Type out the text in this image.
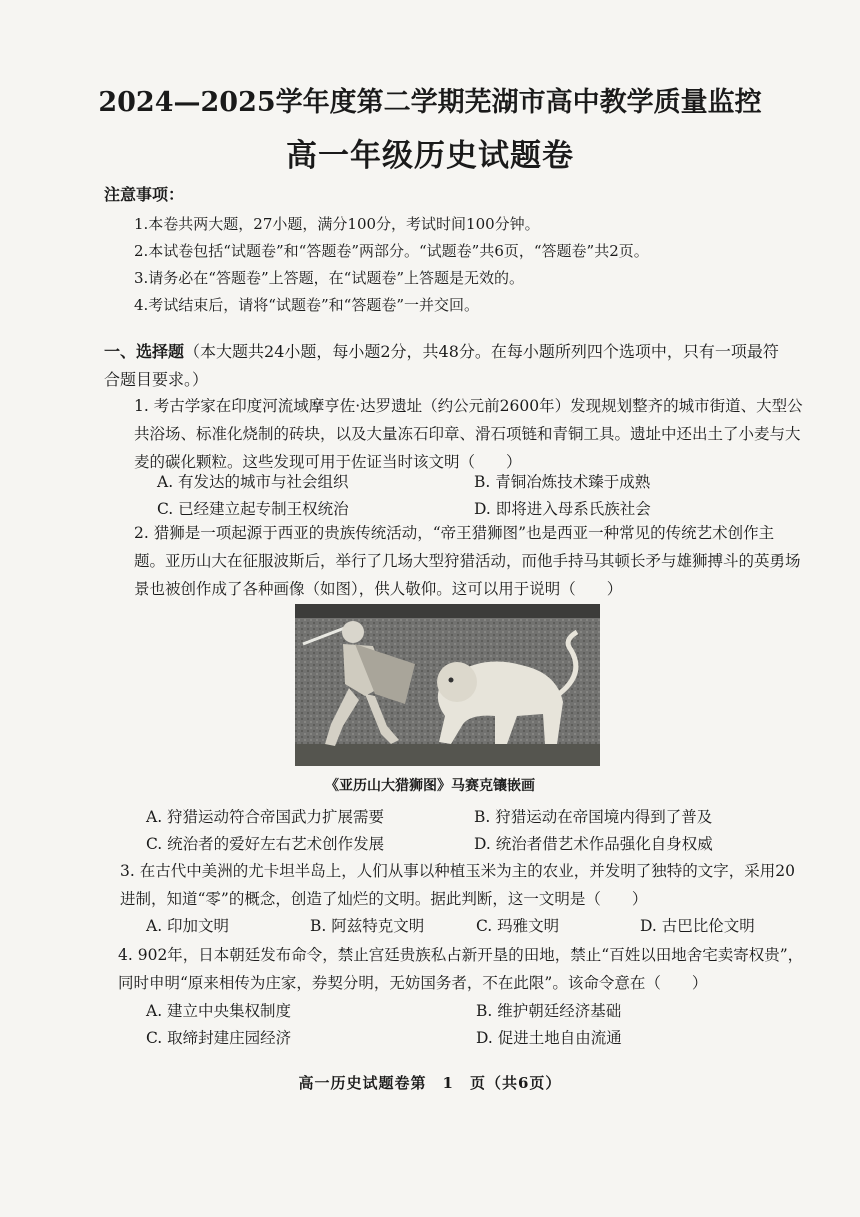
2024—2025学年度第二学期芜湖市高中教学质量监控
高一年级历史试题卷
注意事项：
1.本卷共两大题，27小题，满分100分，考试时间100分钟。
2.本试卷包括“试题卷”和“答题卷”两部分。“试题卷”共6页，“答题卷”共2页。
3.请务必在“答题卷”上答题，在“试题卷”上答题是无效的。
4.考试结束后，请将“试题卷”和“答题卷”一并交回。
一、选择题（本大题共24小题，每小题2分，共48分。在每小题所列四个选项中，只有一项最符合题目要求。）
1. 考古学家在印度河流域摩亨佐·达罗遗址（约公元前2600年）发现规划整齐的城市街道、大型公共浴场、标准化烧制的砖块，以及大量冻石印章、滑石项链和青铜工具。遗址中还出土了小麦与大麦的碳化颗粒。这些发现可用于佐证当时该文明（　　）
A. 有发达的城市与社会组织	B. 青铜冶炼技术臻于成熟
C. 已经建立起专制王权统治	D. 即将进入母系氏族社会
2. 猎狮是一项起源于西亚的贵族传统活动，“帝王猎狮图”也是西亚一种常见的传统艺术创作主题。亚历山大在征服波斯后，举行了几场大型狩猎活动，而他手持马其顿长矛与雄狮搏斗的英勇场景也被创作成了各种画像（如图），供人敬仰。这可以用于说明（　　）
《亚历山大猎狮图》马赛克镶嵌画
A. 狩猎运动符合帝国武力扩展需要	B. 狩猎运动在帝国境内得到了普及
C. 统治者的爱好左右艺术创作发展	D. 统治者借艺术作品强化自身权威
3. 在古代中美洲的尤卡坦半岛上，人们从事以种植玉米为主的农业，并发明了独特的文字，采用20进制，知道“零”的概念，创造了灿烂的文明。据此判断，这一文明是（　　）
A. 印加文明	B. 阿兹特克文明	C. 玛雅文明	D. 古巴比伦文明
4. 902年，日本朝廷发布命令，禁止宫廷贵族私占新开垦的田地，禁止“百姓以田地舍宅卖寄权贵”，同时申明“原来相传为庄家，券契分明，无妨国务者，不在此限”。该命令意在（　　）
A. 建立中央集权制度	B. 维护朝廷经济基础
C. 取缔封建庄园经济	D. 促进土地自由流通
高一历史试题卷第　1　页（共6页）
